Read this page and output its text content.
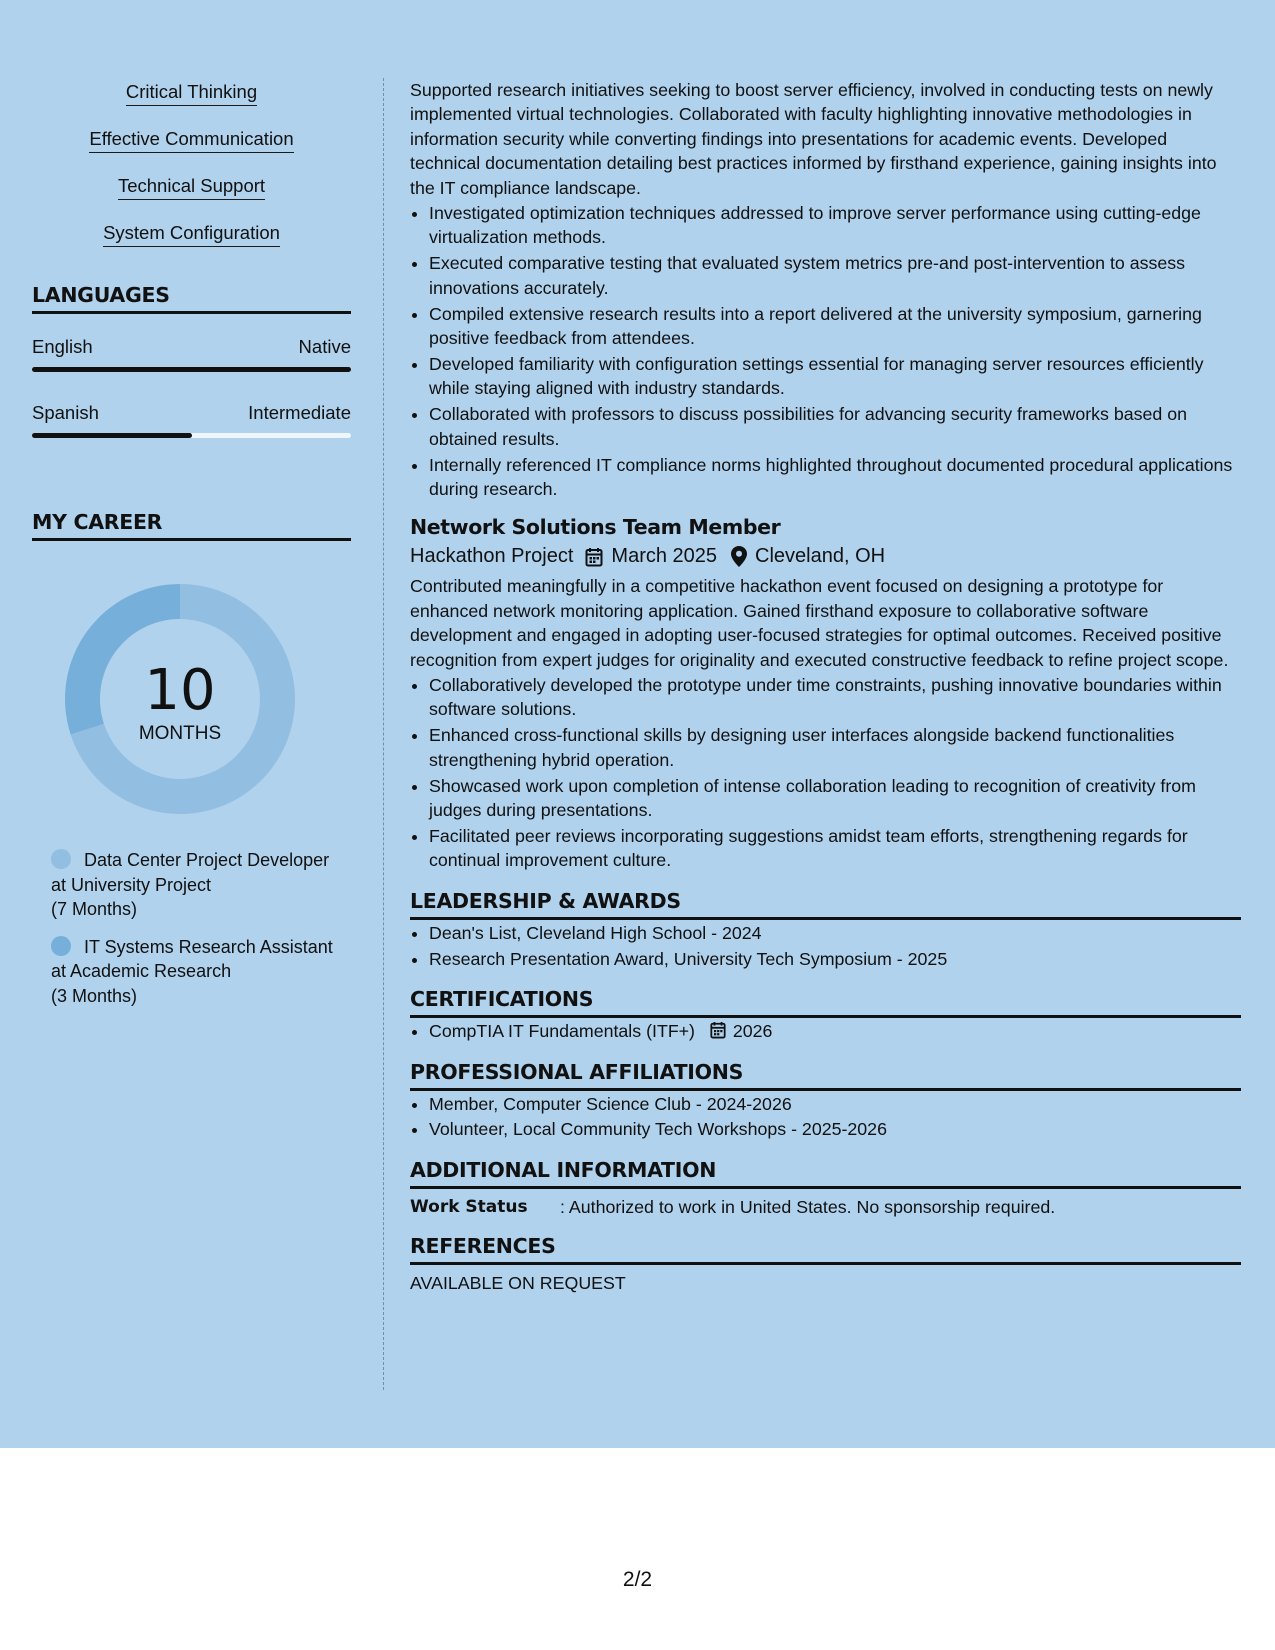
Critical Thinking
Effective Communication
Technical Support
System Configuration
LANGUAGES
English	Native
Spanish	Intermediate
MY CAREER
10
MONTHS
Data Center Project Developer at University Project
(7 Months)
IT Systems Research Assistant at Academic Research
(3 Months)

Supported research initiatives seeking to boost server efficiency, involved in conducting tests on newly implemented virtual technologies. Collaborated with faculty highlighting innovative methodologies in information security while converting findings into presentations for academic events. Developed technical documentation detailing best practices informed by firsthand experience, gaining insights into the IT compliance landscape.

• Investigated optimization techniques addressed to improve server performance using cutting-edge virtualization methods.
• Executed comparative testing that evaluated system metrics pre-and post-intervention to assess innovations accurately.
• Compiled extensive research results into a report delivered at the university symposium, garnering positive feedback from attendees.
• Developed familiarity with configuration settings essential for managing server resources efficiently while staying aligned with industry standards.
• Collaborated with professors to discuss possibilities for advancing security frameworks based on obtained results.
• Internally referenced IT compliance norms highlighted throughout documented procedural applications during research.
Network Solutions Team Member
Hackathon Project March 2025 Cleveland, OH

Contributed meaningfully in a competitive hackathon event focused on designing a prototype for enhanced network monitoring application. Gained firsthand exposure to collaborative software development and engaged in adopting user-focused strategies for optimal outcomes. Received positive recognition from expert judges for originality and executed constructive feedback to refine project scope.

• Collaboratively developed the prototype under time constraints, pushing innovative boundaries within software solutions.
• Enhanced cross-functional skills by designing user interfaces alongside backend functionalities strengthening hybrid operation.
• Showcased work upon completion of intense collaboration leading to recognition of creativity from judges during presentations.
• Facilitated peer reviews incorporating suggestions amidst team efforts, strengthening regards for continual improvement culture.
LEADERSHIP & AWARDS
• Dean's List, Cleveland High School - 2024
• Research Presentation Award, University Tech Symposium - 2025
CERTIFICATIONS
• CompTIA IT Fundamentals (ITF+) 2026
PROFESSIONAL AFFILIATIONS
• Member, Computer Science Club - 2024-2026
• Volunteer, Local Community Tech Workshops - 2025-2026
ADDITIONAL INFORMATION
Work Status	: Authorized to work in United States. No sponsorship required.
REFERENCES
AVAILABLE ON REQUEST
2/2
